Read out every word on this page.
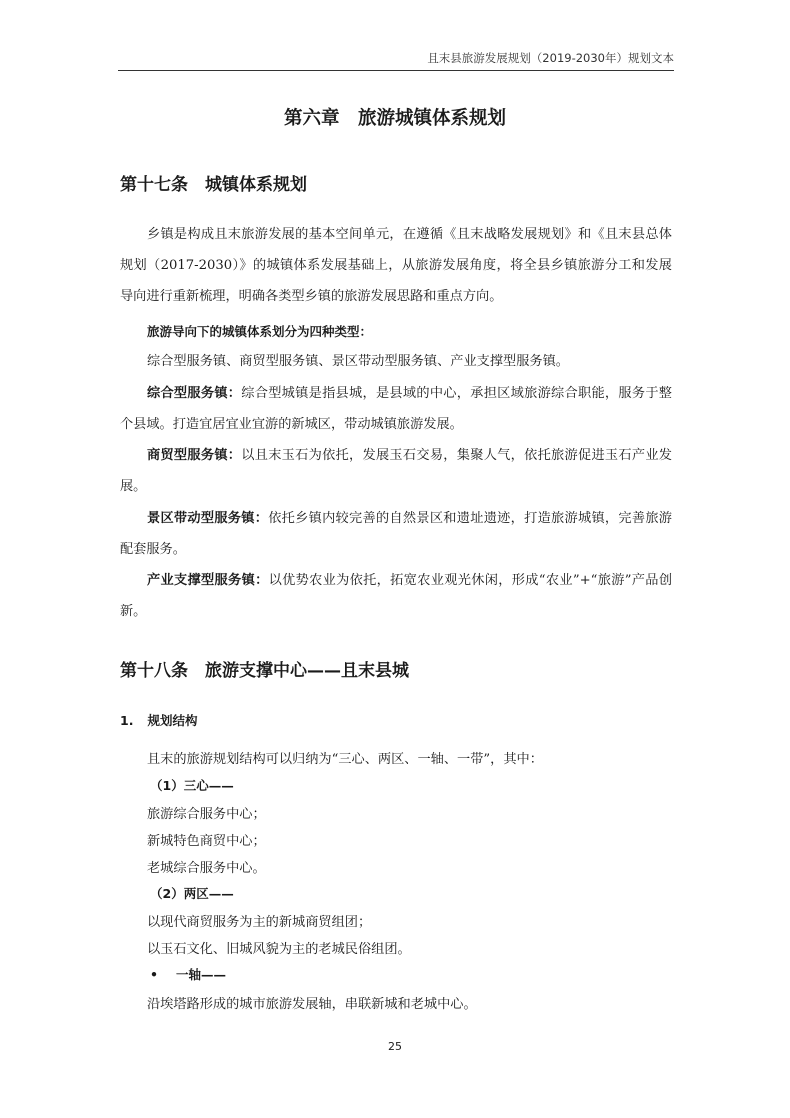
且末县旅游发展规划（2019-2030年）规划文本
第六章　旅游城镇体系规划
第十七条　城镇体系规划
乡镇是构成且末旅游发展的基本空间单元，在遵循《且末战略发展规划》和《且末县总体规划（2017-2030）》的城镇体系发展基础上，从旅游发展角度，将全县乡镇旅游分工和发展导向进行重新梳理，明确各类型乡镇的旅游发展思路和重点方向。
旅游导向下的城镇体系划分为四种类型：
综合型服务镇、商贸型服务镇、景区带动型服务镇、产业支撑型服务镇。
综合型服务镇：综合型城镇是指县城，是县域的中心，承担区域旅游综合职能，服务于整个县域。打造宜居宜业宜游的新城区，带动城镇旅游发展。
商贸型服务镇：以且末玉石为依托，发展玉石交易，集聚人气，依托旅游促进玉石产业发展。
景区带动型服务镇：依托乡镇内较完善的自然景区和遗址遗迹，打造旅游城镇，完善旅游配套服务。
产业支撑型服务镇：以优势农业为依托，拓宽农业观光休闲，形成“农业”+“旅游”产品创新。
第十八条　旅游支撑中心——且末县城
1. 规划结构
且末的旅游规划结构可以归纳为“三心、两区、一轴、一带”，其中：
（1）三心——
旅游综合服务中心；
新城特色商贸中心；
老城综合服务中心。
（2）两区——
以现代商贸服务为主的新城商贸组团；
以玉石文化、旧城风貌为主的老城民俗组团。
• 一轴——
沿埃塔路形成的城市旅游发展轴，串联新城和老城中心。
25
